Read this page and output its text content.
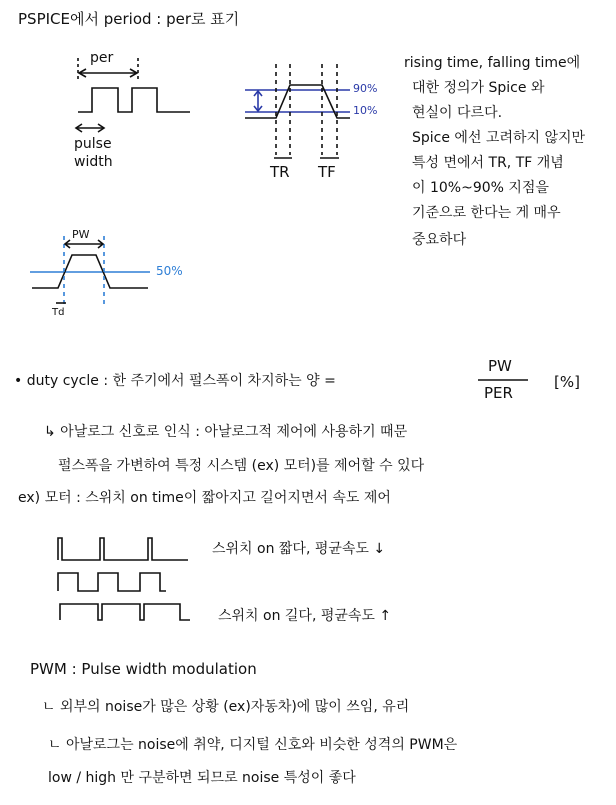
PSPICE에서 period : per로 표기
per
pulse
width
90%
10%
TR TF
rising time, falling time에
대한 정의가 Spice 와
현실이 다르다.
Spice 에선 고려하지 않지만
특성 면에서 TR, TF 개념
이 10%~90% 지점을
기준으로 한다는 게 매우
중요하다
PW
50%
Td
• duty cycle : 한 주기에서 펄스폭이 차지하는 양 =
PW
PER
[%]
↳ 아날로그 신호로 인식 : 아날로그적 제어에 사용하기 때문
펄스폭을 가변하여 특정 시스템 (ex) 모터)를 제어할 수 있다
ex) 모터 : 스위치 on time이 짧아지고 길어지면서 속도 제어
스위치 on 짧다, 평균속도 ↓
스위치 on 길다, 평균속도 ↑
PWM : Pulse width modulation
ㄴ 외부의 noise가 많은 상황 (ex)자동차)에 많이 쓰임, 유리
ㄴ 아날로그는 noise에 취약, 디지털 신호와 비슷한 성격의 PWM은
low / high 만 구분하면 되므로 noise 특성이 좋다
